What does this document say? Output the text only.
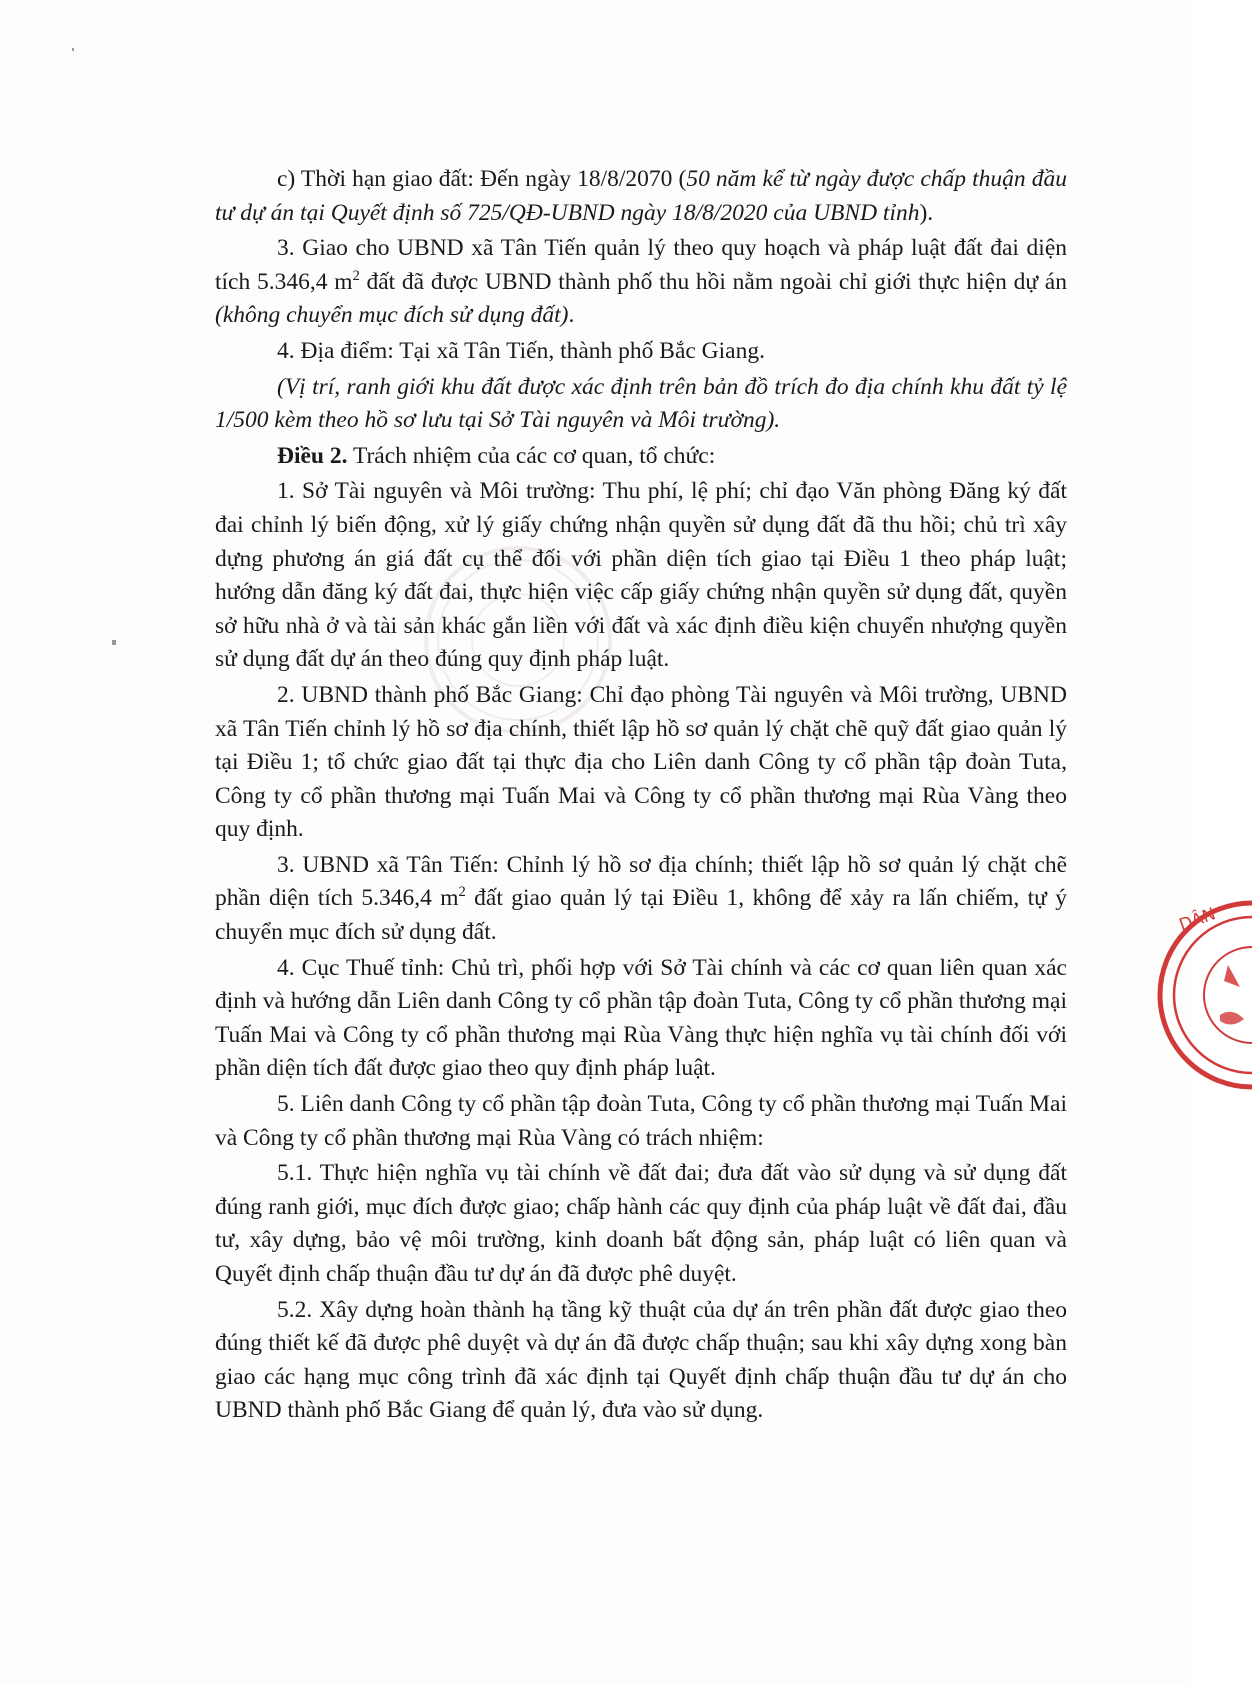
DÂN

c) Thời hạn giao đất: Đến ngày 18/8/2070 (50 năm kể từ ngày được chấp thuận đầu tư dự án tại Quyết định số 725/QĐ-UBND ngày 18/8/2020 của UBND tỉnh).

3. Giao cho UBND xã Tân Tiến quản lý theo quy hoạch và pháp luật đất đai diện tích 5.346,4 $m^2$ đất đã được UBND thành phố thu hồi nằm ngoài chỉ giới thực hiện dự án (không chuyển mục đích sử dụng đất).

4. Địa điểm: Tại xã Tân Tiến, thành phố Bắc Giang.

(Vị trí, ranh giới khu đất được xác định trên bản đồ trích đo địa chính khu đất tỷ lệ 1/500 kèm theo hồ sơ lưu tại Sở Tài nguyên và Môi trường).

Điều 2. Trách nhiệm của các cơ quan, tổ chức:

1. Sở Tài nguyên và Môi trường: Thu phí, lệ phí; chỉ đạo Văn phòng Đăng ký đất đai chỉnh lý biến động, xử lý giấy chứng nhận quyền sử dụng đất đã thu hồi; chủ trì xây dựng phương án giá đất cụ thể đối với phần diện tích giao tại Điều 1 theo pháp luật; hướng dẫn đăng ký đất đai, thực hiện việc cấp giấy chứng nhận quyền sử dụng đất, quyền sở hữu nhà ở và tài sản khác gắn liền với đất và xác định điều kiện chuyển nhượng quyền sử dụng đất dự án theo đúng quy định pháp luật.

2. UBND thành phố Bắc Giang: Chỉ đạo phòng Tài nguyên và Môi trường, UBND xã Tân Tiến chỉnh lý hồ sơ địa chính, thiết lập hồ sơ quản lý chặt chẽ quỹ đất giao quản lý tại Điều 1; tổ chức giao đất tại thực địa cho Liên danh Công ty cổ phần tập đoàn Tuta, Công ty cổ phần thương mại Tuấn Mai và Công ty cổ phần thương mại Rùa Vàng theo quy định.

3. UBND xã Tân Tiến: Chỉnh lý hồ sơ địa chính; thiết lập hồ sơ quản lý chặt chẽ phần diện tích 5.346,4 $m^2$ đất giao quản lý tại Điều 1, không để xảy ra lấn chiếm, tự ý chuyển mục đích sử dụng đất.

4. Cục Thuế tỉnh: Chủ trì, phối hợp với Sở Tài chính và các cơ quan liên quan xác định và hướng dẫn Liên danh Công ty cổ phần tập đoàn Tuta, Công ty cổ phần thương mại Tuấn Mai và Công ty cổ phần thương mại Rùa Vàng thực hiện nghĩa vụ tài chính đối với phần diện tích đất được giao theo quy định pháp luật.

5. Liên danh Công ty cổ phần tập đoàn Tuta, Công ty cổ phần thương mại Tuấn Mai và Công ty cổ phần thương mại Rùa Vàng có trách nhiệm:

5.1. Thực hiện nghĩa vụ tài chính về đất đai; đưa đất vào sử dụng và sử dụng đất đúng ranh giới, mục đích được giao; chấp hành các quy định của pháp luật về đất đai, đầu tư, xây dựng, bảo vệ môi trường, kinh doanh bất động sản, pháp luật có liên quan và Quyết định chấp thuận đầu tư dự án đã được phê duyệt.

5.2. Xây dựng hoàn thành hạ tầng kỹ thuật của dự án trên phần đất được giao theo đúng thiết kế đã được phê duyệt và dự án đã được chấp thuận; sau khi xây dựng xong bàn giao các hạng mục công trình đã xác định tại Quyết định chấp thuận đầu tư dự án cho UBND thành phố Bắc Giang để quản lý, đưa vào sử dụng.
